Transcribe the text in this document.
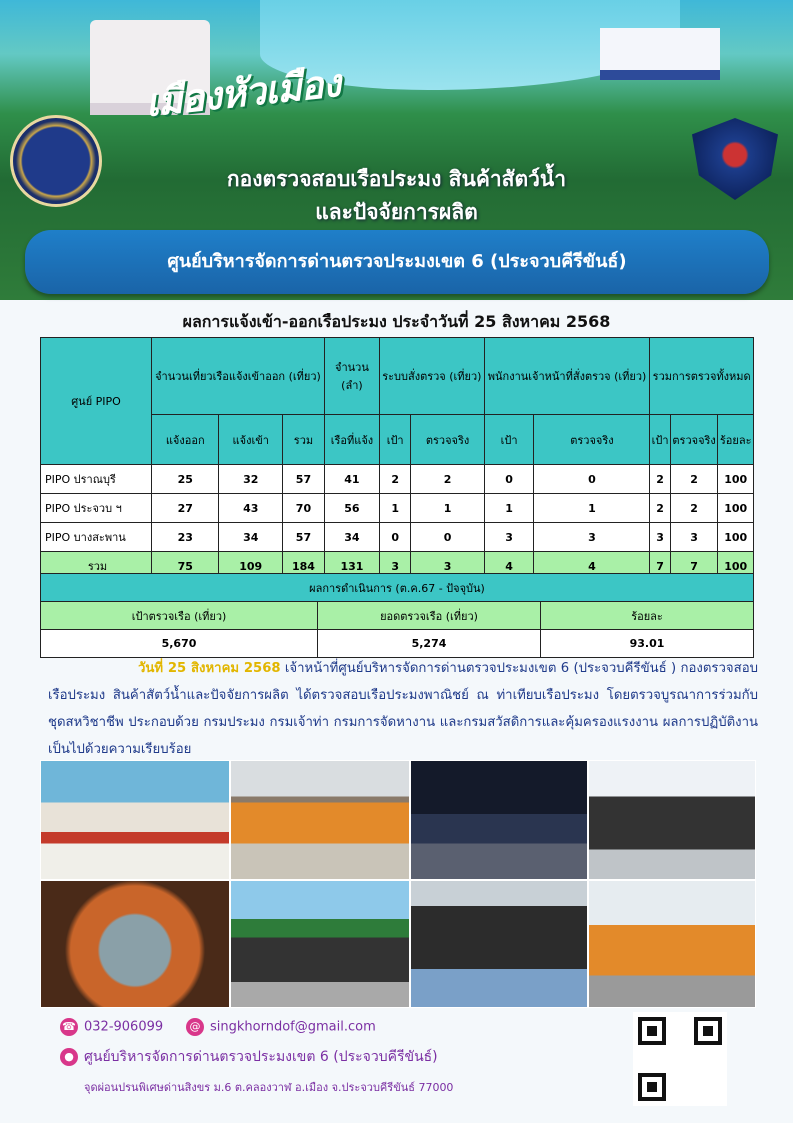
เมืองหัวเมือง
กองตรวจสอบเรือประมง สินค้าสัตว์น้ำ
และปัจจัยการผลิต
ศูนย์บริหารจัดการด่านตรวจประมงเขต 6 (ประจวบคีรีขันธ์)
ผลการแจ้งเข้า-ออกเรือประมง ประจำวันที่ 25 สิงหาคม 2568
ศูนย์ PIPO	จำนวนเที่ยวเรือแจ้งเข้าออก (เที่ยว)			จำนวน (ลำ)	ระบบสั่งตรวจ (เที่ยว)		พนักงานเจ้าหน้าที่สั่งตรวจ (เที่ยว)		รวมการตรวจทั้งหมด		
	แจ้งออก	แจ้งเข้า	รวม	เรือที่แจ้ง	เป้า	ตรวจจริง	เป้า	ตรวจจริง	เป้า	ตรวจจริง	ร้อยละ
PIPO ปราณบุรี	25	32	57	41	2	2	0	0	2	2	100
PIPO ประจวบ ฯ	27	43	70	56	1	1	1	1	2	2	100
PIPO บางสะพาน	23	34	57	34	0	0	3	3	3	3	100
รวม	75	109	184	131	3	3	4	4	7	7	100
ผลการดำเนินการ (ต.ค.67 - ปัจจุบัน)		
เป้าตรวจเรือ (เที่ยว)	ยอดตรวจเรือ (เที่ยว)	ร้อยละ
5,670	5,274	93.01
วันที่ 25 สิงหาคม 2568 เจ้าหน้าที่ศูนย์บริหารจัดการด่านตรวจประมงเขต 6 (ประจวบคีรีขันธ์ ) กองตรวจสอบเรือประมง สินค้าสัตว์น้ำและปัจจัยการผลิต ได้ตรวจสอบเรือประมงพาณิชย์ ณ ท่าเทียบเรือประมง โดยตรวจบูรณาการร่วมกับชุดสหวิชาชีพ ประกอบด้วย กรมประมง กรมเจ้าท่า กรมการจัดหางาน และกรมสวัสดิการและคุ้มครองแรงงาน ผลการปฏิบัติงานเป็นไปด้วยความเรียบร้อย
☎ 032-906099	@ singkhorndof@gmail.com
● ศูนย์บริหารจัดการด่านตรวจประมงเขต 6 (ประจวบคีรีขันธ์)
จุดผ่อนปรนพิเศษด่านสิงขร ม.6 ต.คลองวาฬ อ.เมือง จ.ประจวบคีรีขันธ์ 77000
